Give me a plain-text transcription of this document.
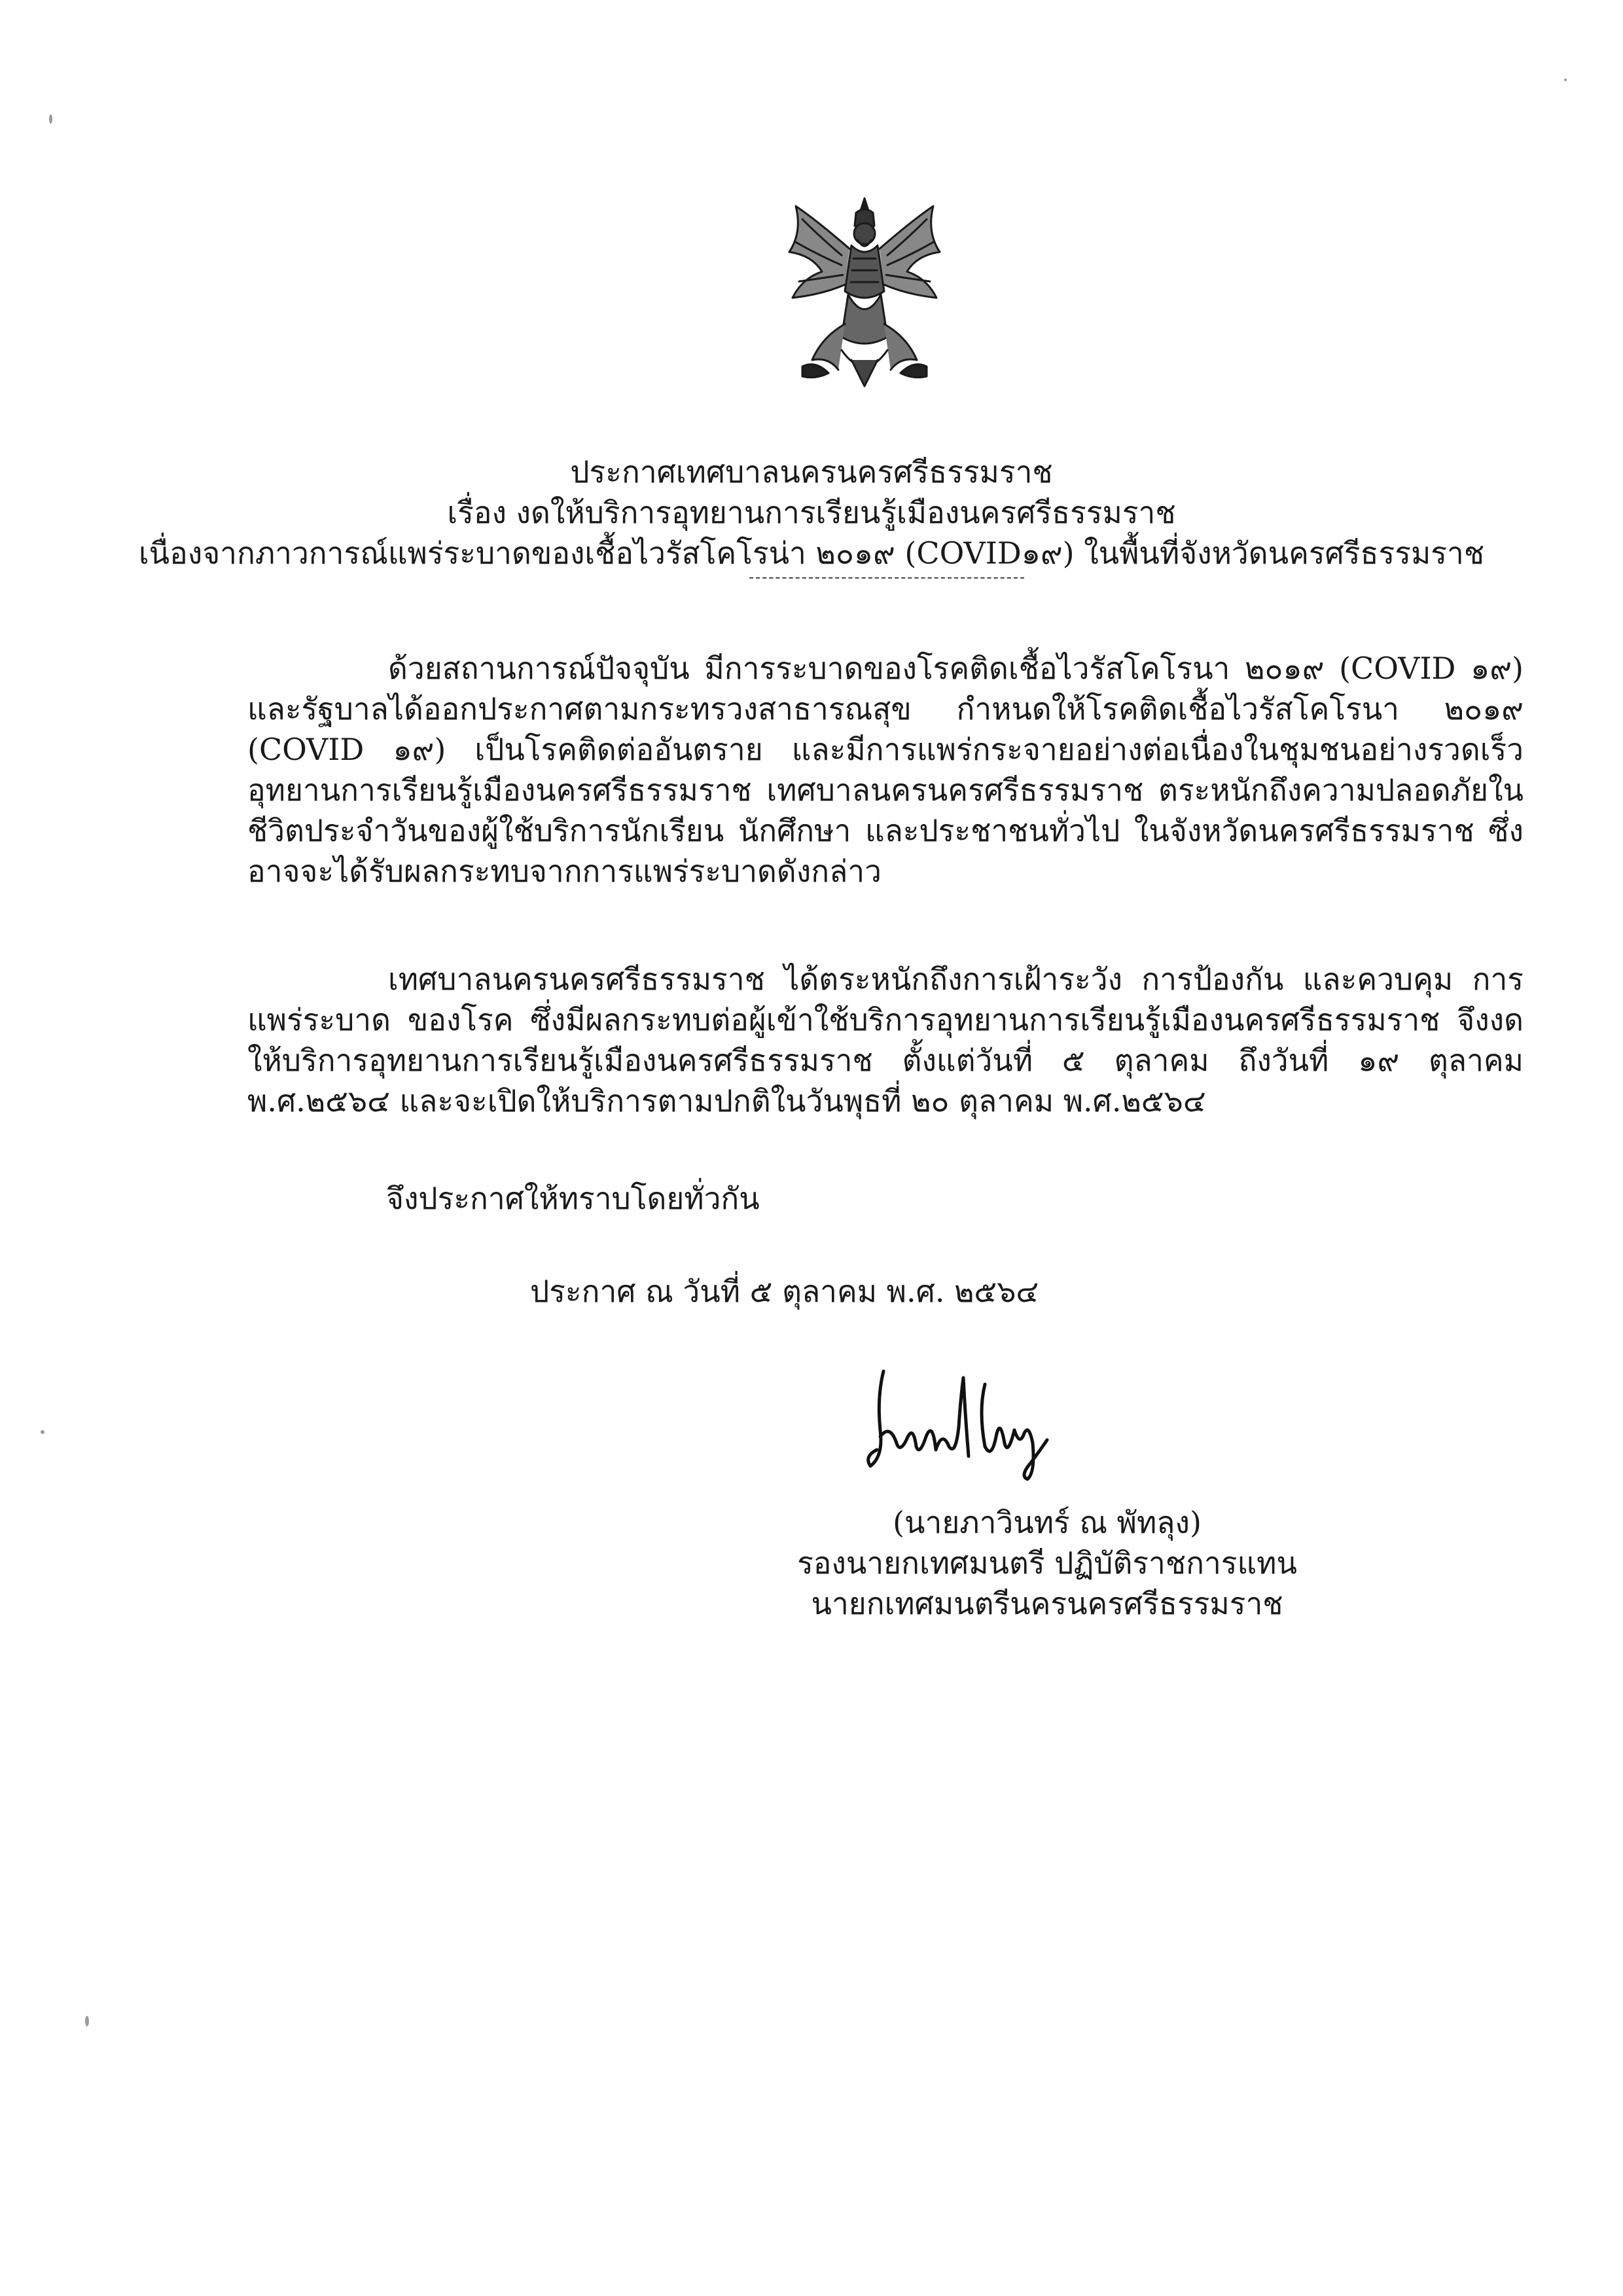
ประกาศเทศบาลนครนครศรีธรรมราช
เรื่อง งดให้บริการอุทยานการเรียนรู้เมืองนครศรีธรรมราช
เนื่องจากภาวการณ์แพร่ระบาดของเชื้อไวรัสโคโรน่า ๒๐๑๙ (COVID๑๙) ในพื้นที่จังหวัดนครศรีธรรมราช
ด้วยสถานการณ์ปัจจุบัน มีการระบาดของโรคติดเชื้อไวรัสโคโรนา ๒๐๑๙ (COVID ๑๙) และรัฐบาลได้ออกประกาศตามกระทรวงสาธารณสุข กำหนดให้โรคติดเชื้อไวรัสโคโรนา ๒๐๑๙ (COVID ๑๙) เป็นโรคติดต่ออันตราย และมีการแพร่กระจายอย่างต่อเนื่องในชุมชนอย่างรวดเร็ว อุทยานการเรียนรู้เมืองนครศรีธรรมราช เทศบาลนครนครศรีธรรมราช ตระหนักถึงความปลอดภัยในชีวิตประจำวันของผู้ใช้บริการนักเรียน นักศึกษา และประชาชนทั่วไป ในจังหวัดนครศรีธรรมราช ซึ่งอาจจะได้รับผลกระทบจากการแพร่ระบาดดังกล่าว
เทศบาลนครนครศรีธรรมราช ได้ตระหนักถึงการเฝ้าระวัง การป้องกัน และควบคุม การแพร่ระบาด ของโรค ซึ่งมีผลกระทบต่อผู้เข้าใช้บริการอุทยานการเรียนรู้เมืองนครศรีธรรมราช จึงงดให้บริการอุทยานการเรียนรู้เมืองนครศรีธรรมราช ตั้งแต่วันที่ ๕ ตุลาคม ถึงวันที่ ๑๙ ตุลาคม พ.ศ.๒๕๖๔ และจะเปิดให้บริการตามปกติในวันพุธที่ ๒๐ ตุลาคม พ.ศ.๒๕๖๔
จึงประกาศให้ทราบโดยทั่วกัน
ประกาศ ณ วันที่ ๕ ตุลาคม พ.ศ. ๒๕๖๔
(นายภาวินทร์ ณ พัทลุง)
รองนายกเทศมนตรี ปฏิบัติราชการแทน
นายกเทศมนตรีนครนครศรีธรรมราช
